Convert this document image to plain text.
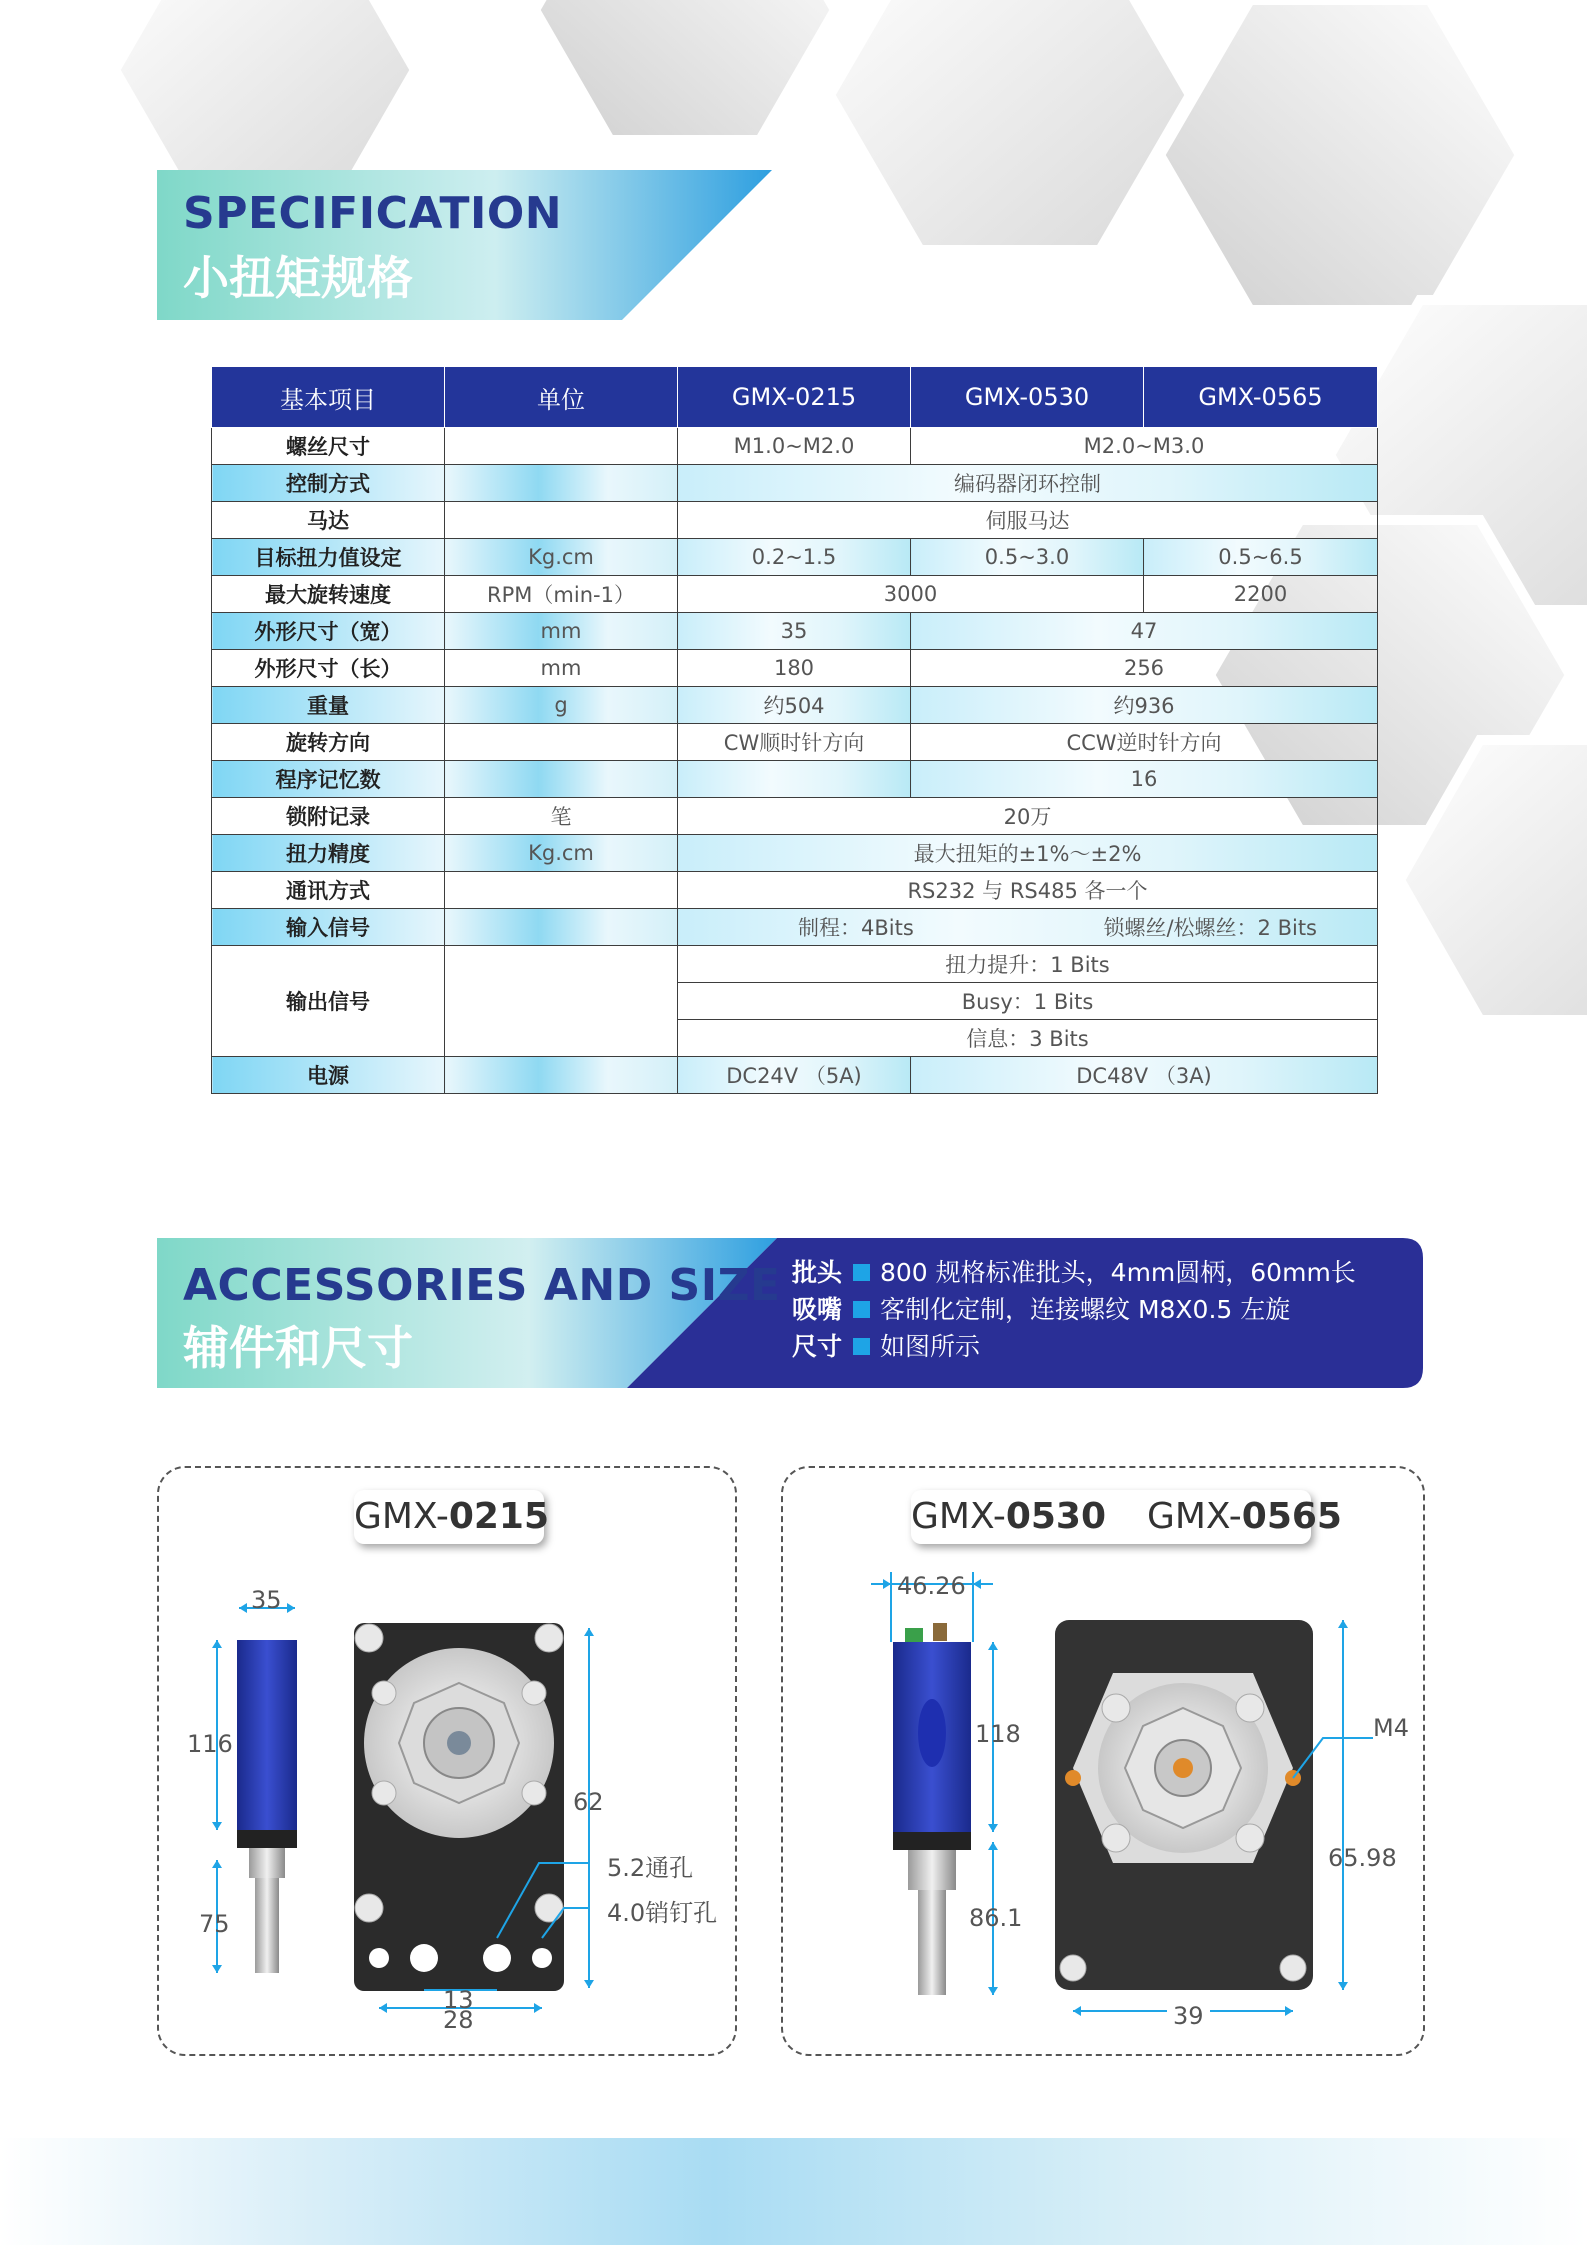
SPECIFICATION
小扭矩规格
基本项目	单位	GMX-0215	GMX-0530	GMX-0565
螺丝尺寸		M1.0~M2.0	M2.0~M3.0	
控制方式		编码器闭环控制		
马达		伺服马达		
目标扭力值设定	Kg.cm	0.2~1.5	0.5~3.0	0.5~6.5
最大旋转速度	RPM（min-1）	3000		2200
外形尺寸（宽）	mm	35	47	
外形尺寸（长）	mm	180	256	
重量	g	约504	约936	
旋转方向		CW顺时针方向	CCW逆时针方向	
程序记忆数			16	
锁附记录	笔	20万		
扭力精度	Kg.cm	最大扭矩的±1%～±2%		
通讯方式		RS232 与 RS485 各一个		
输入信号		制程：4Bits 锁螺丝/松螺丝：2 Bits		

输出信号		扭力提升：1 Bits		
		Busy：1 Bits		
		信息：3 Bits		
电源		DC24V （5A)	DC48V （3A)	
ACCESSORIES AND SIZE
辅件和尺寸
批头 800 规格标准批头，4mm圆柄，60mm长
吸嘴 客制化定制，连接螺纹 M8X0.5 左旋
尺寸 如图所示
GMX-0215
35
116
75
62
5.2通孔
4.0销钉孔
13
28
GMX-0530 GMX-0565
46.26
118
86.1
M4
65.98
39
